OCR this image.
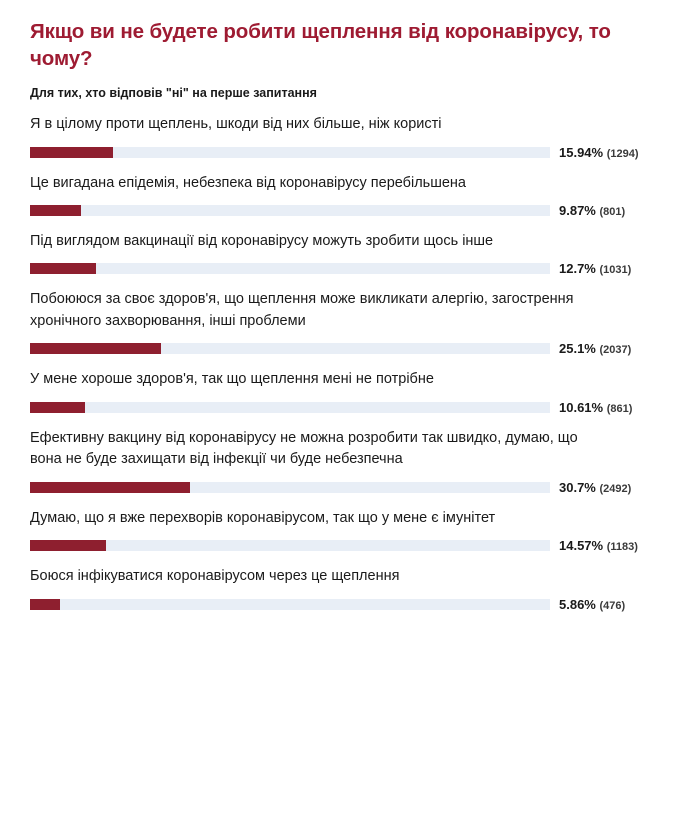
Якщо ви не будете робити щеплення від коронавірусу, то чому?
Для тих, хто відповів "ні" на перше запитання
Я в цілому проти щеплень, шкоди від них більше, ніж користі
15.94% (1294)
Це вигадана епідемія, небезпека від коронавірусу перебільшена
9.87% (801)
Під виглядом вакцинації від коронавірусу можуть зробити щось інше
12.7% (1031)
Побоююся за своє здоров'я, що щеплення може викликати алергію, загострення хронічного захворювання, інші проблеми
25.1% (2037)
У мене хороше здоров'я, так що щеплення мені не потрібне
10.61% (861)
Ефективну вакцину від коронавірусу не можна розробити так швидко, думаю, що вона не буде захищати від інфекції чи буде небезпечна
30.7% (2492)
Думаю, що я вже перехворів коронавірусом, так що у мене є імунітет
14.57% (1183)
Боюся інфікуватися коронавірусом через це щеплення
5.86% (476)
